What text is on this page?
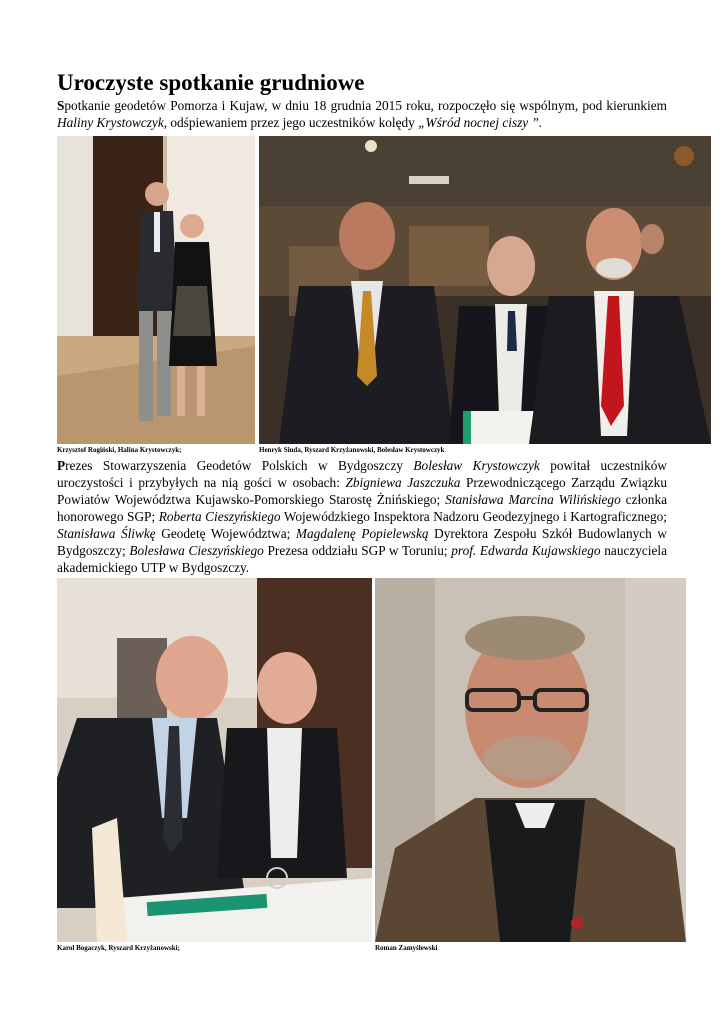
Uroczyste spotkanie grudniowe

Spotkanie geodetów Pomorza i Kujaw, w dniu 18 grudnia 2015 roku, rozpoczęło się wspólnym, pod kierunkiem Haliny Krystowczyk, odśpiewaniem przez jego uczestników kolędy „Wśród nocnej ciszy ”.

Krzysztof Rogiński, Halina Krystowczyk;	Henryk Siuda, Ryszard Krzyżanowski, Bolesław Krystowczyk

Prezes Stowarzyszenia Geodetów Polskich w Bydgoszczy Bolesław Krystowczyk powitał uczestników uroczystości i przybyłych na nią gości w osobach: Zbigniewa Jaszczuka Przewodniczącego Zarządu Związku Powiatów Województwa Kujawsko-Pomorskiego Starostę Żnińskiego; Stanisława Marcina Wilińskiego członka honorowego SGP; Roberta Cieszyńskiego Wojewódzkiego Inspektora Nadzoru Geodezyjnego i Kartograficznego; Stanisława Śliwkę Geodetę Województwa; Magdalenę Popielewską Dyrektora Zespołu Szkół Budowlanych w Bydgoszczy; Bolesława Cieszyńskiego Prezesa oddziału SGP w Toruniu; prof. Edwarda Kujawskiego nauczyciela akademickiego UTP w Bydgoszczy.

Karol Bogaczyk, Ryszard Krzyżanowski;	Roman Zamyślewski
